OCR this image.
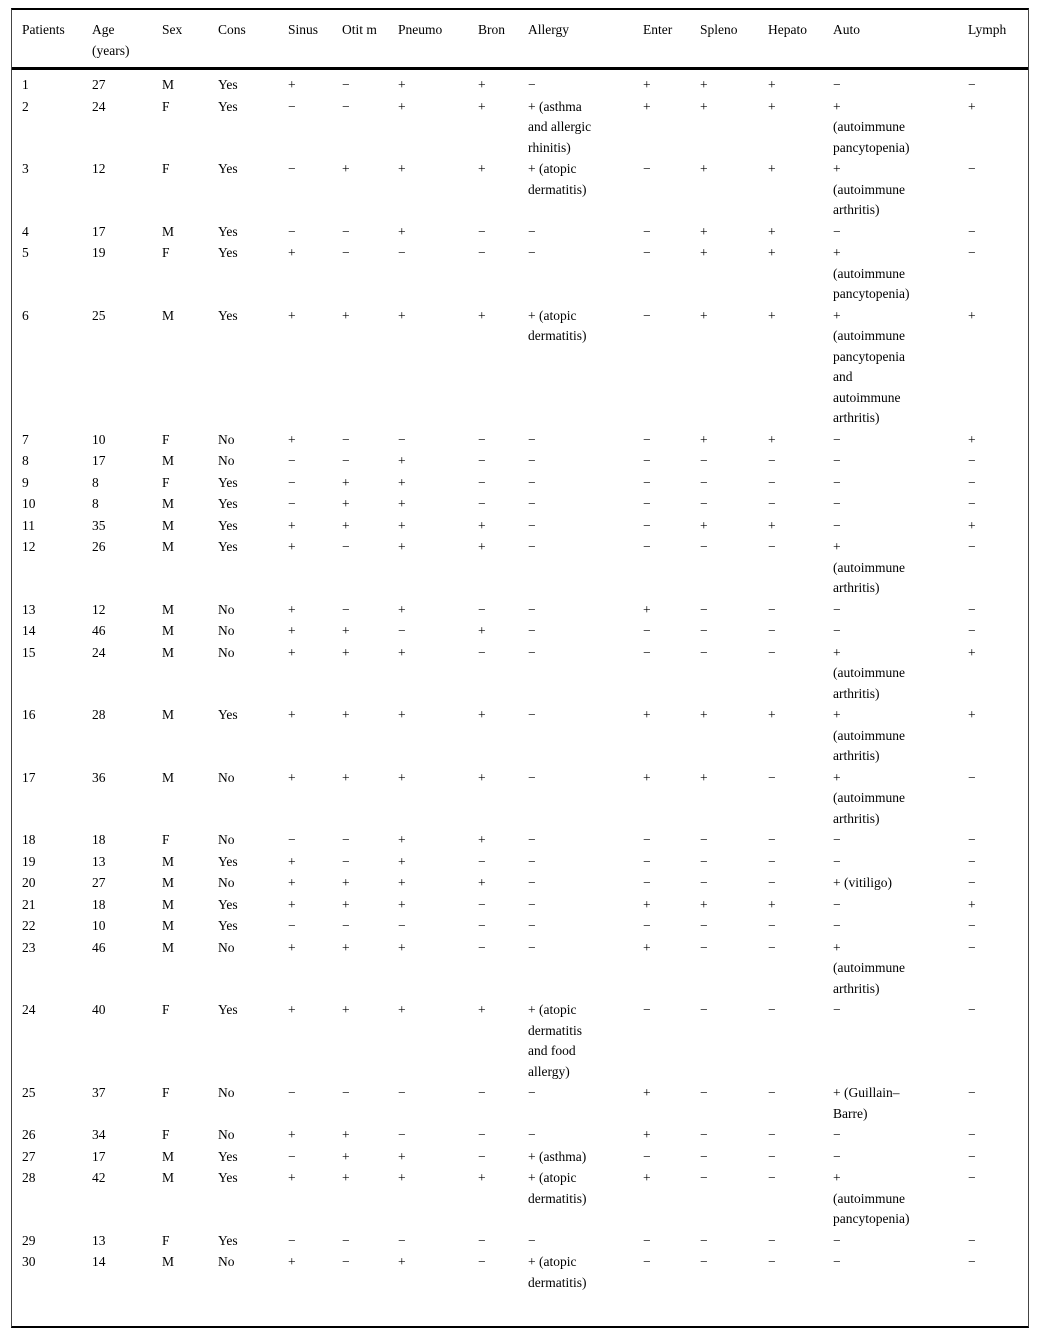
Patients	Age (years)	Sex	Cons	Sinus	Otit m	Pneumo	Bron	Allergy	Enter	Spleno	Hepato	Auto	Lymph
1	27	M	Yes	+	−	+	+	−	+	+	+	−	−
2	24	F	Yes	−	−	+	+	+ (asthma and allergic rhinitis)	+	+	+	+ (autoimmune pancytopenia)	+
3	12	F	Yes	−	+	+	+	+ (atopic dermatitis)	−	+	+	+ (autoimmune arthritis)	−
4	17	M	Yes	−	−	+	−	−	−	+	+	−	−
5	19	F	Yes	+	−	−	−	−	−	+	+	+ (autoimmune pancytopenia)	−
6	25	M	Yes	+	+	+	+	+ (atopic dermatitis)	−	+	+	+ (autoimmune pancytopenia and autoimmune arthritis)	+
7	10	F	No	+	−	−	−	−	−	+	+	−	+
8	17	M	No	−	−	+	−	−	−	−	−	−	−
9	8	F	Yes	−	+	+	−	−	−	−	−	−	−
10	8	M	Yes	−	+	+	−	−	−	−	−	−	−
11	35	M	Yes	+	+	+	+	−	−	+	+	−	+
12	26	M	Yes	+	−	+	+	−	−	−	−	+ (autoimmune arthritis)	−
13	12	M	No	+	−	+	−	−	+	−	−	−	−
14	46	M	No	+	+	−	+	−	−	−	−	−	−
15	24	M	No	+	+	+	−	−	−	−	−	+ (autoimmune arthritis)	+
16	28	M	Yes	+	+	+	+	−	+	+	+	+ (autoimmune arthritis)	+
17	36	M	No	+	+	+	+	−	+	+	−	+ (autoimmune arthritis)	−
18	18	F	No	−	−	+	+	−	−	−	−	−	−
19	13	M	Yes	+	−	+	−	−	−	−	−	−	−
20	27	M	No	+	+	+	+	−	−	−	−	+ (vitiligo)	−
21	18	M	Yes	+	+	+	−	−	+	+	+	−	+
22	10	M	Yes	−	−	−	−	−	−	−	−	−	−
23	46	M	No	+	+	+	−	−	+	−	−	+ (autoimmune arthritis)	−
24	40	F	Yes	+	+	+	+	+ (atopic dermatitis and food allergy)	−	−	−	−	−
25	37	F	No	−	−	−	−	−	+	−	−	+ (Guillain–Barre)	−
26	34	F	No	+	+	−	−	−	+	−	−	−	−
27	17	M	Yes	−	+	+	−	+ (asthma)	−	−	−	−	−
28	42	M	Yes	+	+	+	+	+ (atopic dermatitis)	+	−	−	+ (autoimmune pancytopenia)	−
29	13	F	Yes	−	−	−	−	−	−	−	−	−	−
30	14	M	No	+	−	+	−	+ (atopic dermatitis)	−	−	−	−	−
